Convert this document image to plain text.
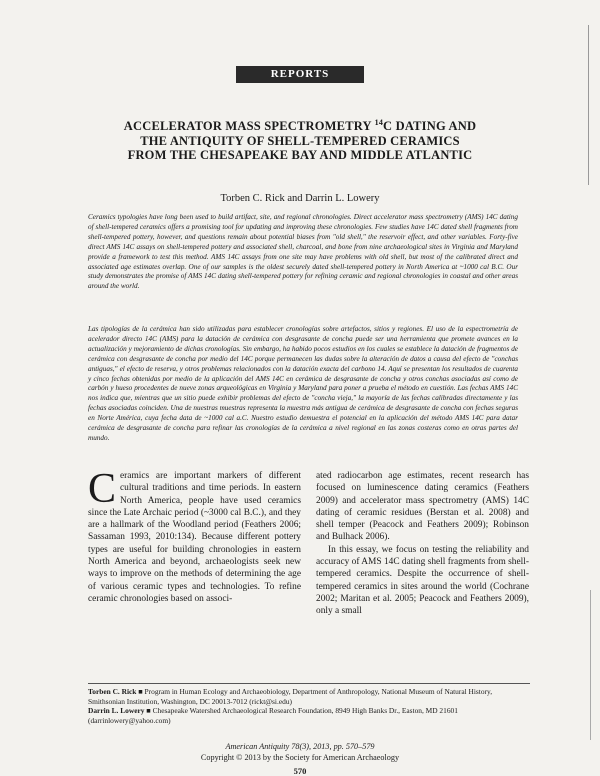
REPORTS
ACCELERATOR MASS SPECTROMETRY $^{14}$C DATING AND
THE ANTIQUITY OF SHELL-TEMPERED CERAMICS
FROM THE CHESAPEAKE BAY AND MIDDLE ATLANTIC
Torben C. Rick and Darrin L. Lowery

Ceramics typologies have long been used to build artifact, site, and regional chronologies. Direct accelerator mass spectrometry (AMS) 14C dating of shell-tempered ceramics offers a promising tool for updating and improving these chronologies. Few studies have 14C dated shell fragments from shell-tempered pottery, however, and questions remain about potential biases from "old shell," the reservoir effect, and other variables. Forty-five direct AMS 14C assays on shell-tempered pottery and associated shell, charcoal, and bone from nine archaeological sites in Virginia and Maryland provide a framework to test this method. AMS 14C assays from one site may have problems with old shell, but most of the calibrated direct and associated age estimates overlap. One of our samples is the oldest securely dated shell-tempered pottery in North America at ~1000 cal B.C. Our study demonstrates the promise of AMS 14C dating shell-tempered pottery for refining ceramic and regional chronologies in coastal and other areas around the world.

Las tipologías de la cerámica han sido utilizadas para establecer cronologías sobre artefactos, sitios y regiones. El uso de la espectrometría de acelerador directo 14C (AMS) para la datación de cerámica con desgrasante de concha puede ser una herramienta que promete avances en la actualización y mejoramiento de dichas cronologías. Sin embargo, ha habido pocos estudios en los cuales se establece la datación de fragmentos de cerámica con desgrasante de concha por medio del 14C porque permanecen las dudas sobre la alteración de datos a causa del efecto de "conchas antiguas," el efecto de reserva, y otros problemas relacionados con la datación exacta del carbono 14. Aquí se presentan los resultados de cuarenta y cinco fechas obtenidas por medio de la aplicación del AMS 14C en cerámica de desgrasante de concha y otros conchas asociadas así como de carbón y hueso procedentes de nueve zonas arqueológicas en Virginia y Maryland para poner a prueba el método en cuestión. Las fechas AMS 14C nos indica que, mientras que un sitio puede exhibir problemas del efecto de "concha vieja," la mayoría de las fechas calibradas directamente y las fechas asociadas coinciden. Una de nuestras muestras representa la muestra más antigua de cerámica de desgrasante de concha con fechas seguras en Norte América, cuya fecha data de ~1000 cal a.C. Nuestro estudio demuestra el potencial en la aplicación del método AMS 14C para datar cerámica de desgrasante de concha para refinar las cronologías de la cerámica a nivel regional en las zonas costeras como en otras partes del mundo.

C eramics are important markers of different cultural traditions and time periods. In eastern North America, people have used ceramics since the Late Archaic period (~3000 cal B.C.), and they are a hallmark of the Woodland period (Feathers 2006; Sassaman 1993, 2010:134). Because different pottery types are useful for building chronologies in eastern North America and beyond, archaeologists seek new ways to improve on the methods of determining the age of various ceramic types and technologies. To refine ceramic chronologies based on associ-

ated radiocarbon age estimates, recent research has focused on luminescence dating ceramics (Feathers 2009) and accelerator mass spectrometry (AMS) 14C dating of ceramic residues (Berstan et al. 2008) and shell temper (Peacock and Feathers 2009); Robinson and Bulhack 2006).

In this essay, we focus on testing the reliability and accuracy of AMS 14C dating shell fragments from shell-tempered ceramics. Despite the occurrence of shell-tempered ceramics in sites around the world (Cochrane 2002; Maritan et al. 2005; Peacock and Feathers 2009), only a small

Torben C. Rick ■ Program in Human Ecology and Archaeobiology, Department of Anthropology, National Museum of Natural History, Smithsonian Institution, Washington, DC 20013-7012 (rickt@si.edu)

Darrin L. Lowery ■ Chesapeake Watershed Archaeological Research Foundation, 8949 High Banks Dr., Easton, MD 21601 (darrinlowery@yahoo.com)

American Antiquity 78(3), 2013, pp. 570–579
Copyright © 2013 by the Society for American Archaeology
570
